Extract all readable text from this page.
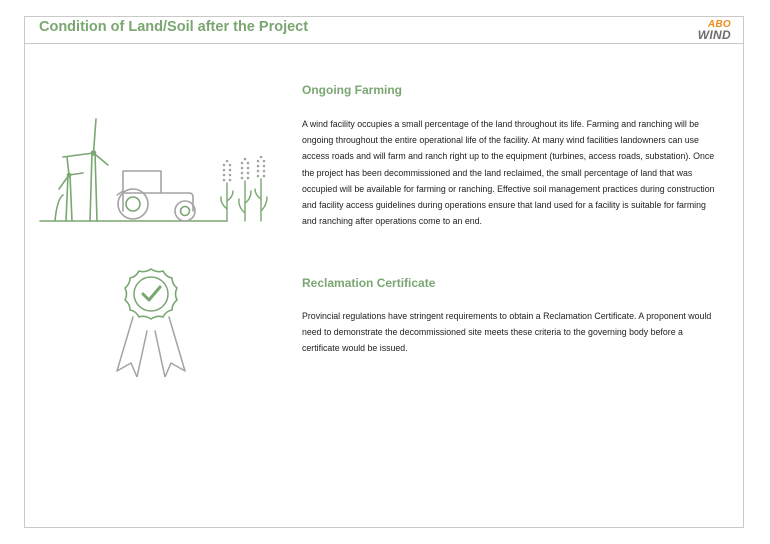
Condition of Land/Soil after the Project	ABO
WIND
Ongoing Farming

A wind facility occupies a small percentage of the land throughout its life. Farming and ranching will be ongoing throughout the entire operational life of the facility. At many wind facilities landowners can use access roads and will farm and ranch right up to the equipment (turbines, access roads, substation). Once the project has been decommissioned and the land reclaimed, the small percentage of land that was occupied will be available for farming or ranching. Effective soil management practices during construction and facility access guidelines during operations ensure that land used for a facility is suitable for farming and ranching after operations come to an end.

Reclamation Certificate

Provincial regulations have stringent requirements to obtain a Reclamation Certificate. A proponent would need to demonstrate the decommissioned site meets these criteria to the governing body before a certificate would be issued.
